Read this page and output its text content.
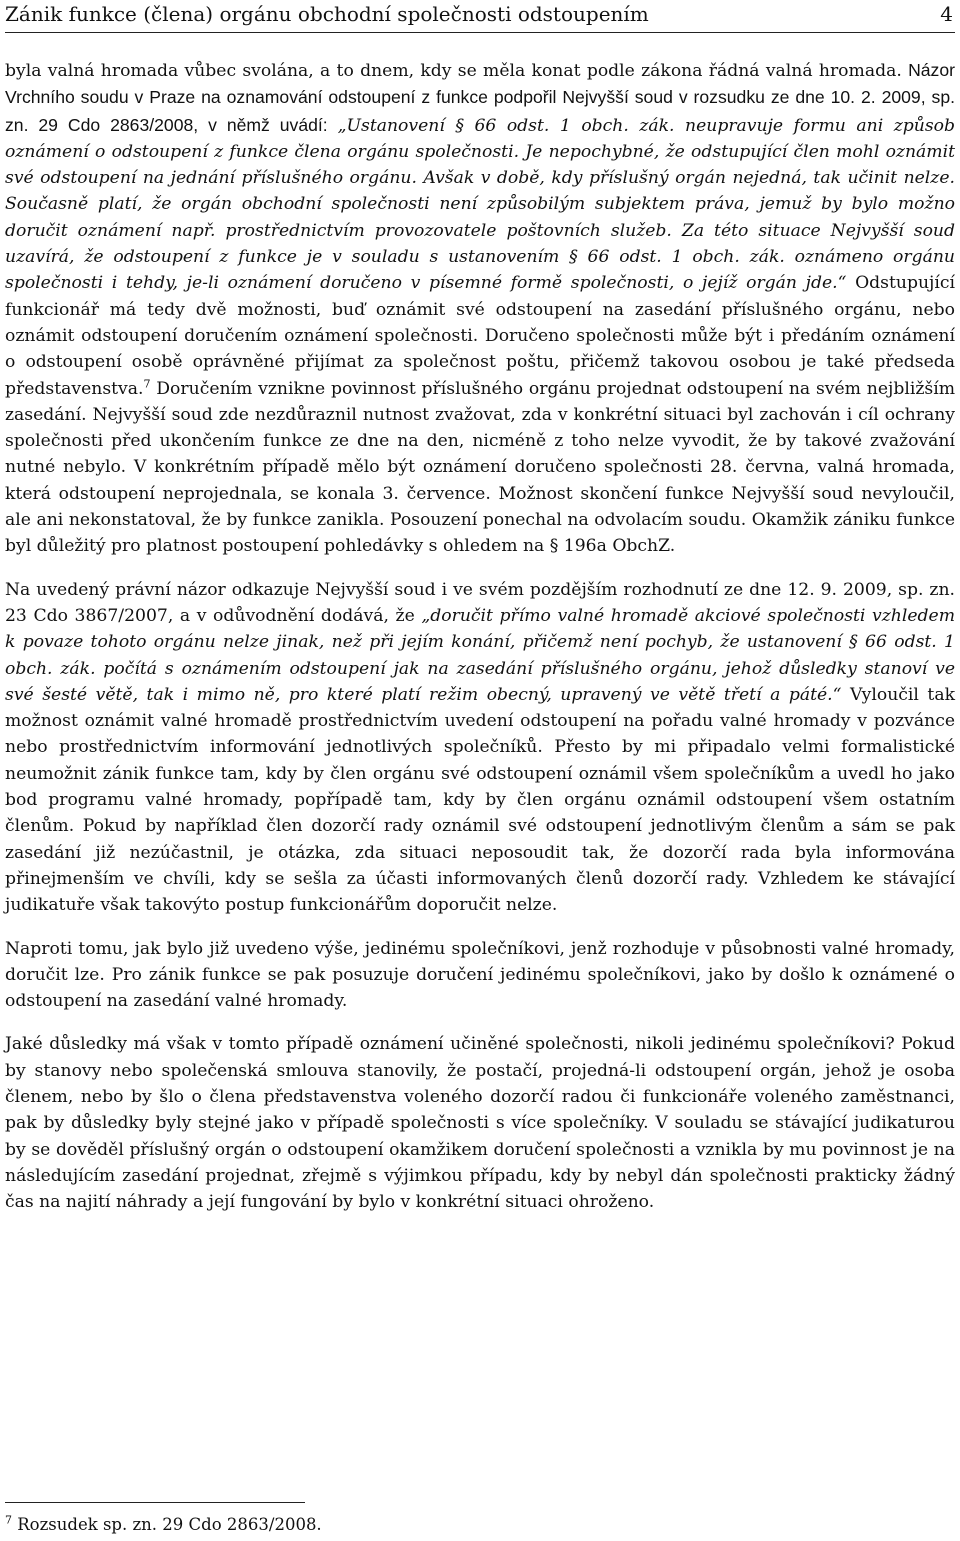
Zánik funkce (člena) orgánu obchodní společnosti odstoupením	4

byla valná hromada vůbec svolána, a to dnem, kdy se měla konat podle zákona řádná valná hromada. Názor Vrchního soudu v Praze na oznamování odstoupení z funkce podpořil Nejvyšší soud v rozsudku ze dne 10. 2. 2009, sp. zn. 29 Cdo 2863/2008, v němž uvádí: „Ustanovení § 66 odst. 1 obch. zák. neupravuje formu ani způsob oznámení o odstoupení z funkce člena orgánu společnosti. Je nepochybné, že odstupující člen mohl oznámit své odstoupení na jednání příslušného orgánu. Avšak v době, kdy příslušný orgán nejedná, tak učinit nelze. Současně platí, že orgán obchodní společnosti není způsobilým subjektem práva, jemuž by bylo možno doručit oznámení např. prostřednictvím provozovatele poštovních služeb. Za této situace Nejvyšší soud uzavírá, že odstoupení z funkce je v souladu s ustanovením § 66 odst. 1 obch. zák. oznámeno orgánu společnosti i tehdy, je-li oznámení doručeno v písemné formě společnosti, o jejíž orgán jde.“ Odstupující funkcionář má tedy dvě možnosti, buď oznámit své odstoupení na zasedání příslušného orgánu, nebo oznámit odstoupení doručením oznámení společnosti. Doručeno společnosti může být i předáním oznámení o odstoupení osobě oprávněné přijímat za společnost poštu, přičemž takovou osobou je také předseda představenstva.$^7$ Doručením vznikne povinnost příslušného orgánu projednat odstoupení na svém nejbližším zasedání. Nejvyšší soud zde nezdůraznil nutnost zvažovat, zda v konkrétní situaci byl zachován i cíl ochrany společnosti před ukončením funkce ze dne na den, nicméně z toho nelze vyvodit, že by takové zvažování nutné nebylo. V konkrétním případě mělo být oznámení doručeno společnosti 28. června, valná hromada, která odstoupení neprojednala, se konala 3. července. Možnost skončení funkce Nejvyšší soud nevyloučil, ale ani nekonstatoval, že by funkce zanikla. Posouzení ponechal na odvolacím soudu. Okamžik zániku funkce byl důležitý pro platnost postoupení pohledávky s ohledem na § 196a ObchZ.

Na uvedený právní názor odkazuje Nejvyšší soud i ve svém pozdějším rozhodnutí ze dne 12. 9. 2009, sp. zn. 23 Cdo 3867/2007, a v odůvodnění dodává, že „doručit přímo valné hromadě akciové společnosti vzhledem k povaze tohoto orgánu nelze jinak, než při jejím konání, přičemž není pochyb, že ustanovení § 66 odst. 1 obch. zák. počítá s oznámením odstoupení jak na zasedání příslušného orgánu, jehož důsledky stanoví ve své šesté větě, tak i mimo ně, pro které platí režim obecný, upravený ve větě třetí a páté.“ Vyloučil tak možnost oznámit valné hromadě prostřednictvím uvedení odstoupení na pořadu valné hromady v pozvánce nebo prostřednictvím informování jednotlivých společníků. Přesto by mi připadalo velmi formalistické neumožnit zánik funkce tam, kdy by člen orgánu své odstoupení oznámil všem společníkům a uvedl ho jako bod programu valné hromady, popřípadě tam, kdy by člen orgánu oznámil odstoupení všem ostatním členům. Pokud by například člen dozorčí rady oznámil své odstoupení jednotlivým členům a sám se pak zasedání již nezúčastnil, je otázka, zda situaci neposoudit tak, že dozorčí rada byla informována přinejmenším ve chvíli, kdy se sešla za účasti informovaných členů dozorčí rady. Vzhledem ke stávající judikatuře však takovýto postup funkcionářům doporučit nelze.

Naproti tomu, jak bylo již uvedeno výše, jedinému společníkovi, jenž rozhoduje v působnosti valné hromady, doručit lze. Pro zánik funkce se pak posuzuje doručení jedinému společníkovi, jako by došlo k oznámené o odstoupení na zasedání valné hromady.

Jaké důsledky má však v tomto případě oznámení učiněné společnosti, nikoli jedinému společníkovi? Pokud by stanovy nebo společenská smlouva stanovily, že postačí, projedná-li odstoupení orgán, jehož je osoba členem, nebo by šlo o člena představenstva voleného dozorčí radou či funkcionáře voleného zaměstnanci, pak by důsledky byly stejné jako v případě společnosti s více společníky. V souladu se stávající judikaturou by se dověděl příslušný orgán o odstoupení okamžikem doručení společnosti a vznikla by mu povinnost je na následujícím zasedání projednat, zřejmě s výjimkou případu, kdy by nebyl dán společnosti prakticky žádný čas na najití náhrady a její fungování by bylo v konkrétní situaci ohroženo.

$^7$ Rozsudek sp. zn. 29 Cdo 2863/2008.
